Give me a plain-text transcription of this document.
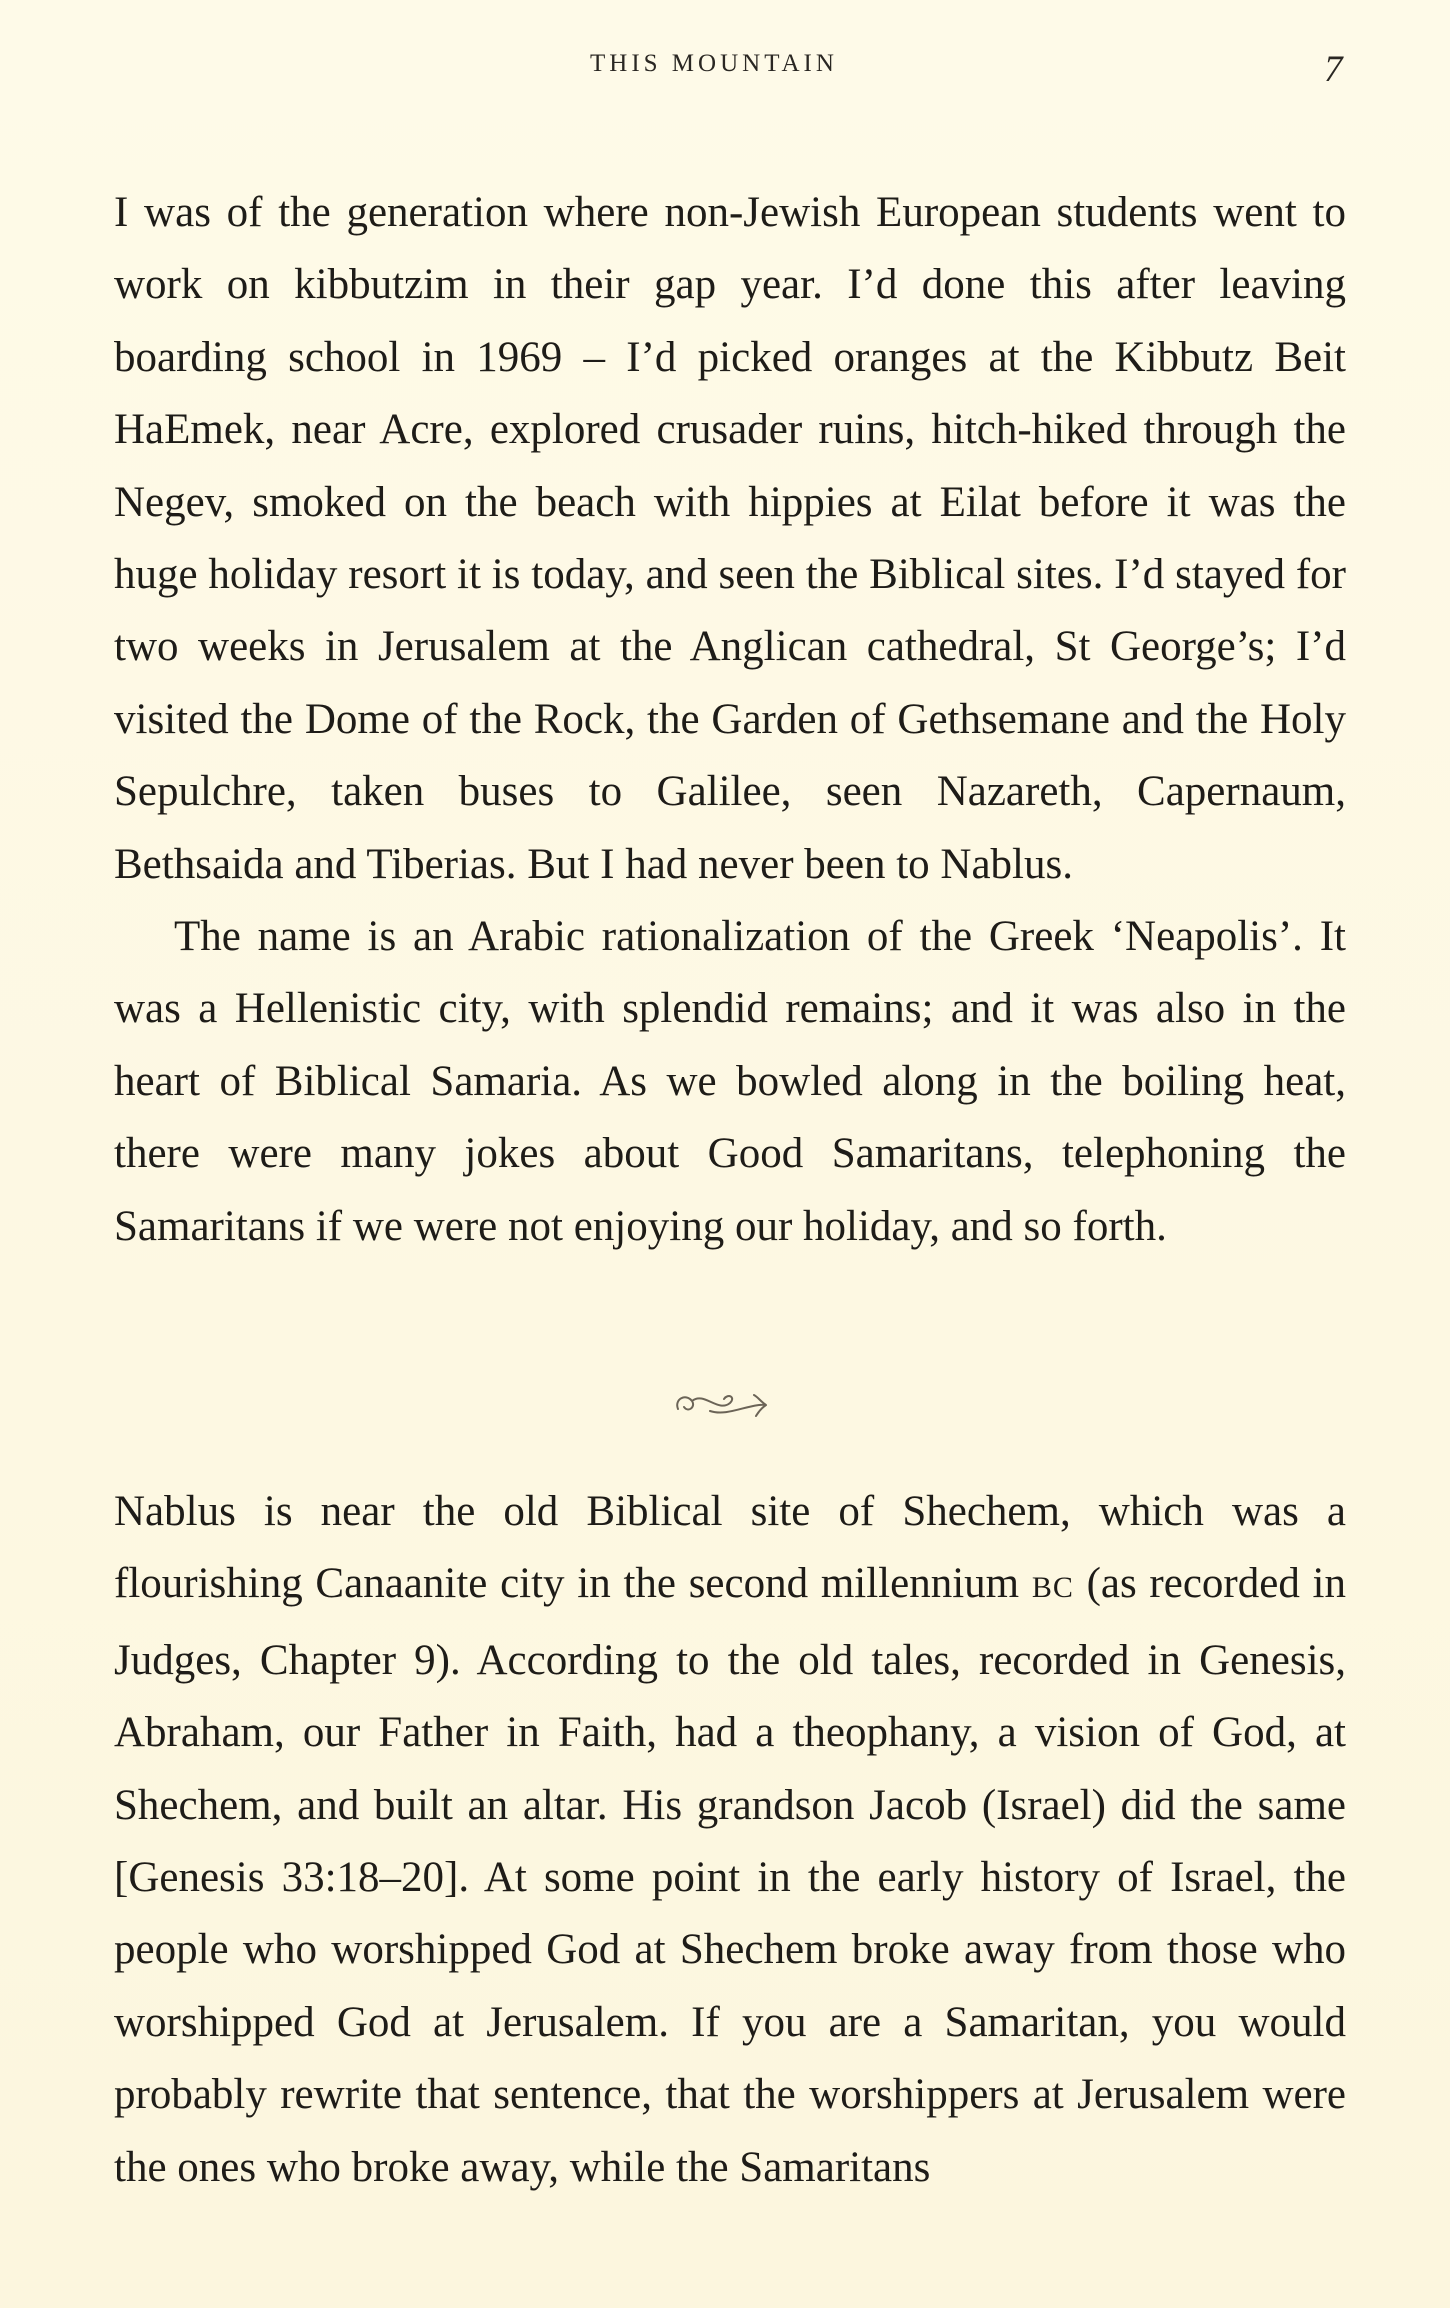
THIS MOUNTAIN	7

I was of the generation where non-Jewish European students went to work on kibbutzim in their gap year. I’d done this after leaving boarding school in 1969 – I’d picked oranges at the Kibbutz Beit HaEmek, near Acre, explored crusader ruins, hitch-hiked through the Negev, smoked on the beach with hippies at Eilat before it was the huge holiday resort it is today, and seen the Biblical sites. I’d stayed for two weeks in Jerusalem at the Anglican cathedral, St George’s; I’d visited the Dome of the Rock, the Garden of Gethsemane and the Holy Sepulchre, taken buses to Galilee, seen Nazareth, Capernaum, Bethsaida and Tiberias. But I had never been to Nablus.

The name is an Arabic rationalization of the Greek ‘Neapolis’. It was a Hellenistic city, with splendid remains; and it was also in the heart of Biblical Samaria. As we bowled along in the boiling heat, there were many jokes about Good Samaritans, telephoning the Samaritans if we were not enjoying our holiday, and so forth.

Nablus is near the old Biblical site of Shechem, which was a flourishing Canaanite city in the second millennium BC (as recorded in Judges, Chapter 9). According to the old tales, recorded in Genesis, Abraham, our Father in Faith, had a theophany, a vision of God, at Shechem, and built an altar. His grandson Jacob (Israel) did the same [Genesis 33:18–20]. At some point in the early history of Israel, the people who worshipped God at Shechem broke away from those who worshipped God at Jerusalem. If you are a Samaritan, you would probably rewrite that sentence, that the worshippers at Jerusalem were the ones who broke away, while the Samaritans
